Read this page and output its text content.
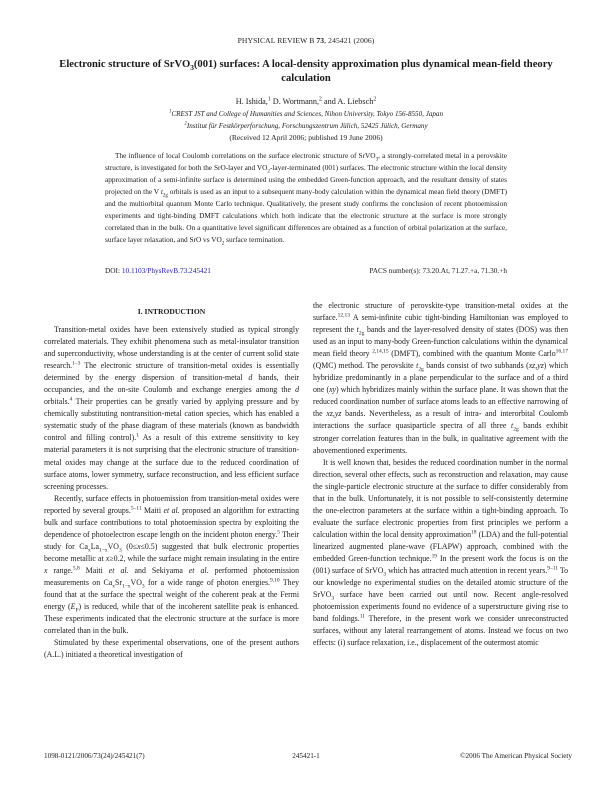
PHYSICAL REVIEW B 73, 245421 (2006)
Electronic structure of SrVO$_3$(001) surfaces: A local-density approximation plus dynamical mean-field theory calculation
H. Ishida,$^1$ D. Wortmann,$^2$ and A. Liebsch$^2$
$^1$CREST JST and College of Humanities and Sciences, Nihon University, Tokyo 156-8550, Japan
$^2$Institut für Festkörperforschung, Forschungszentrum Jülich, 52425 Jülich, Germany
(Received 12 April 2006; published 19 June 2006)
The influence of local Coulomb correlations on the surface electronic structure of SrVO$_3$, a strongly-correlated metal in a perovskite structure, is investigated for both the SrO-layer and $VO_2-layer$-terminated (001) surfaces. The electronic structure within the local density approximation of a semi-infinite surface is determined using the embedded Green-function approach, and the resultant density of states projected on the V $t_{2g}$ orbitals is used as an input to a subsequent many-body calculation within the dynamical mean field theory (DMFT) and the multiorbital quantum Monte Carlo technique. Qualitatively, the present study confirms the conclusion of recent photoemission experiments and tight-binding DMFT calculations which both indicate that the electronic structure at the surface is more strongly correlated than in the bulk. On a quantitative level significant differences are obtained as a function of orbital polarization at the surface, surface layer relaxation, and SrO vs $VO_2$ surface termination.
DOI: 10.1103/PhysRevB.73.245421	PACS number(s): 73.20.At, 71.27.+a, 71.30.+h
I. INTRODUCTION

Transition-metal oxides have been extensively studied as typical strongly correlated materials. They exhibit phenomena such as metal-insulator transition and superconductivity, whose understanding is at the center of current solid state research.$^{1-3}$ The electronic structure of transition-metal oxides is essentially determined by the energy dispersion of transition-metal d bands, their occupancies, and the on-site Coulomb and exchange energies among the d orbitals.$^4$ Their properties can be greatly varied by applying pressure and by chemically substituting nontransition-metal cation species, which has enabled a systematic study of the phase diagram of these materials (known as bandwidth control and filling control).$^1$ As a result of this extreme sensitivity to key material parameters it is not surprising that the electronic structure of transition-metal oxides may change at the surface due to the reduced coordination of surface atoms, lower symmetry, surface reconstruction, and less efficient surface screening processes.

Recently, surface effects in photoemission from transition-metal oxides were reported by several groups.$^{5-11}$ Maiti et al. proposed an algorithm for extracting bulk and surface contributions to total photoemission spectra by exploiting the dependence of photoelectron escape length on the incident photon energy.$^5$ Their study for $Ca_xLa_{1-x}VO_3$ (0≤x≤0.5) suggested that bulk electronic properties become metallic at x≥0.2, while the surface might remain insulating in the entire x range.$^{5,8}$ Maiti et al. and Sekiyama et al. performed photoemission measurements on $Ca_xSr_{1-x}VO_3$ for a wide range of photon energies.$^{9,10}$ They found that at the surface the spectral weight of the coherent peak at the Fermi energy $(E_F)$ is reduced, while that of the incoherent satellite peak is enhanced. These experiments indicated that the electronic structure at the surface is more correlated than in the bulk.

Stimulated by these experimental observations, one of the present authors (A.L.) initiated a theoretical investigation of

the electronic structure of perovskite-type transition-metal oxides at the surface.$^{12,13}$ A semi-infinite cubic tight-binding Hamiltonian was employed to represent the $t_{2g}$ bands and the layer-resolved density of states (DOS) was then used as an input to many-body Green-function calculations within the dynamical mean field theory $^{2,14,15}$ (DMFT), combined with the quantum Monte Carlo$^{16,17}$ (QMC) method. The perovskite $t_{2g}$ bands consist of two subbands (xz,yz) which hybridize predominantly in a plane perpendicular to the surface and of a third one (xy) which hybridizes mainly within the surface plane. It was shown that the reduced coordination number of surface atoms leads to an effective narrowing of the xz,yz bands. Nevertheless, as a result of intra- and interorbital Coulomb interactions the surface quasiparticle spectra of all three $t_{2g}$ bands exhibit stronger correlation features than in the bulk, in qualitative agreement with the abovementioned experiments.

It is well known that, besides the reduced coordination number in the normal direction, several other effects, such as reconstruction and relaxation, may cause the single-particle electronic structure at the surface to differ considerably from that in the bulk. Unfortunately, it is not possible to self-consistently determine the one-electron parameters at the surface within a tight-binding approach. To evaluate the surface electronic properties from first principles we perform a calculation within the local density approximation$^{18}$ (LDA) and the full-potential linearized augmented plane-wave (FLAPW) approach, combined with the embedded Green-function technique.$^{19}$ In the present work the focus is on the (001) surface of SrVO$_3$ which has attracted much attention in recent years.$^{9-11}$ To our knowledge no experimental studies on the detailed atomic structure of the SrVO$_3$ surface have been carried out until now. Recent angle-resolved photoemission experiments found no evidence of a superstructure giving rise to band foldings.$^{11}$ Therefore, in the present work we consider unreconstructed surfaces, without any lateral rearrangement of atoms. Instead we focus on two effects: (i) surface relaxation, i.e., displacement of the outermost atomic

1098-0121/2006/73(24)/245421(7)	245421-1	©2006 The American Physical Society
